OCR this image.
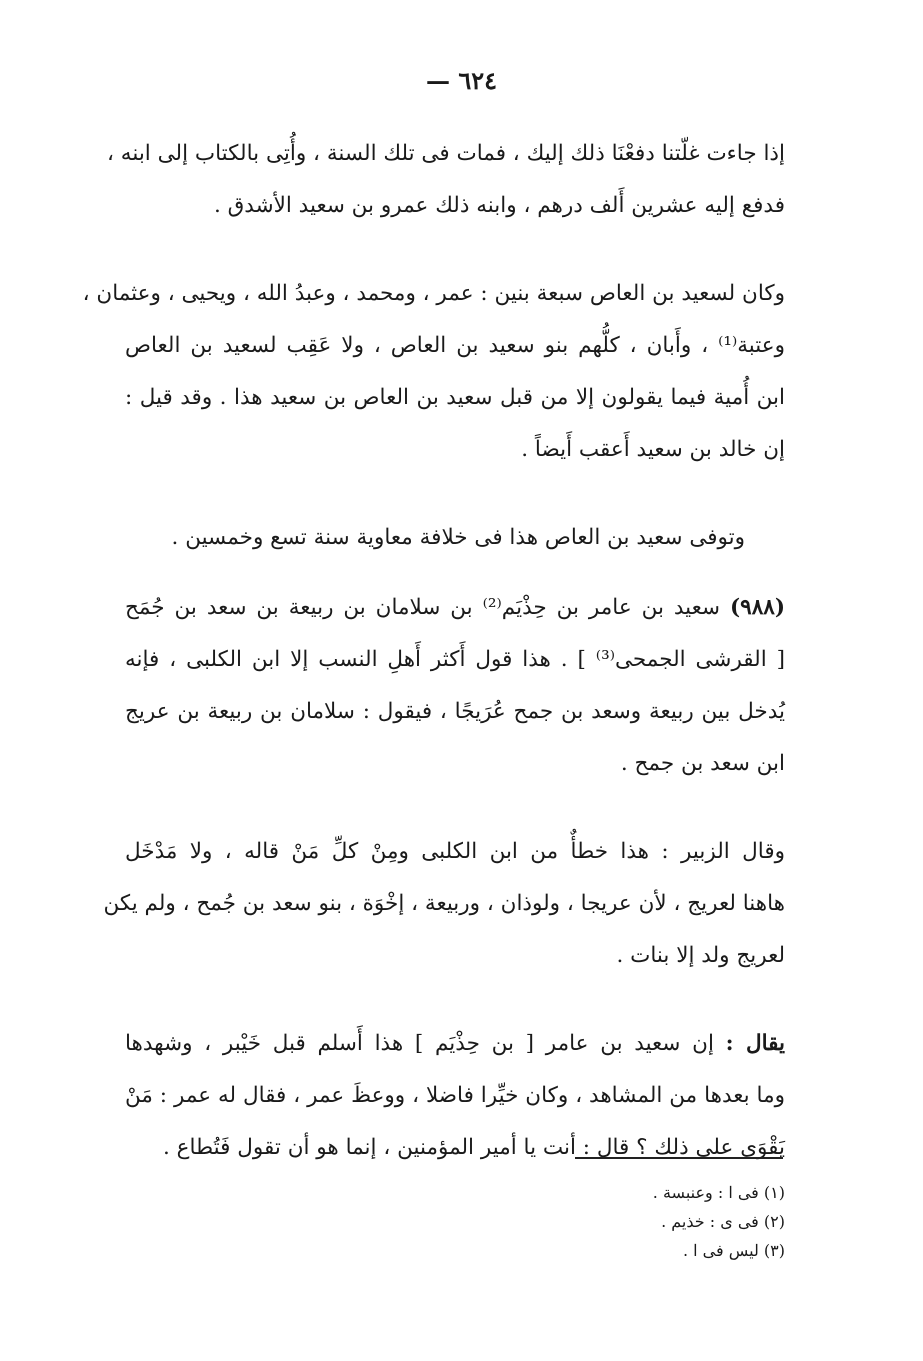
٦٢٤ —
إذا جاءت غلّتنا دفعْنَا ذلك إليك ، فمات فى تلك السنة ، وأُتِى بالكتاب إلى ابنه ،
فدفع إليه عشرين أَلف درهم ، وابنه ذلك عمرو بن سعيد الأشدق .
وكان لسعيد بن العاص سبعة بنين : عمر ، ومحمد ، وعبدُ الله ، ويحيى ، وعثمان ،
وعتبة⁽¹⁾ ، وأَبان ، كلُّهم بنو سعيد بن العاص ، ولا عَقِب لسعيد بن العاص
ابن أُمية فيما يقولون إلا من قبل سعيد بن العاص بن سعيد هذا . وقد قيل :
إن خالد بن سعيد أَعقب أَيضاً .
وتوفى سعيد بن العاص هذا فى خلافة معاوية سنة تسع وخمسين .
(٩٨٨) سعيد بن عامر بن حِذْيَم⁽²⁾ بن سلامان بن ربيعة بن سعد بن جُمَح
[ القرشى الجمحى⁽³⁾ ] . هذا قول أَكثر أَهلِ النسب إلا ابن الكلبى ، فإنه
يُدخل بين ربيعة وسعد بن جمح عُرَيجًا ، فيقول : سلامان بن ربيعة بن عريج
ابن سعد بن جمح .
وقال الزبير : هذا خطأٌ من ابن الكلبى ومِنْ كلِّ مَنْ قاله ، ولا مَدْخَل
هاهنا لعريج ، لأن عريجا ، ولوذان ، وربيعة ، إخْوَة ، بنو سعد بن جُمح ، ولم يكن
لعريج ولد إلا بنات .
يقال : إن سعيد بن عامر [ بن حِذْيَم ] هذا أَسلم قبل خَيْبر ، وشهدها
وما بعدها من المشاهد ، وكان خيِّرا فاضلا ، ووعظَ عمر ، فقال له عمر : مَنْ
يَقْوَى على ذلك ؟ قال : أنت يا أمير المؤمنين ، إنما هو أن تقول فَتُطاع .
(١) فى ا : وعنبسة .
(٢) فى ى : خذيم .
(٣) ليس فى ا .
